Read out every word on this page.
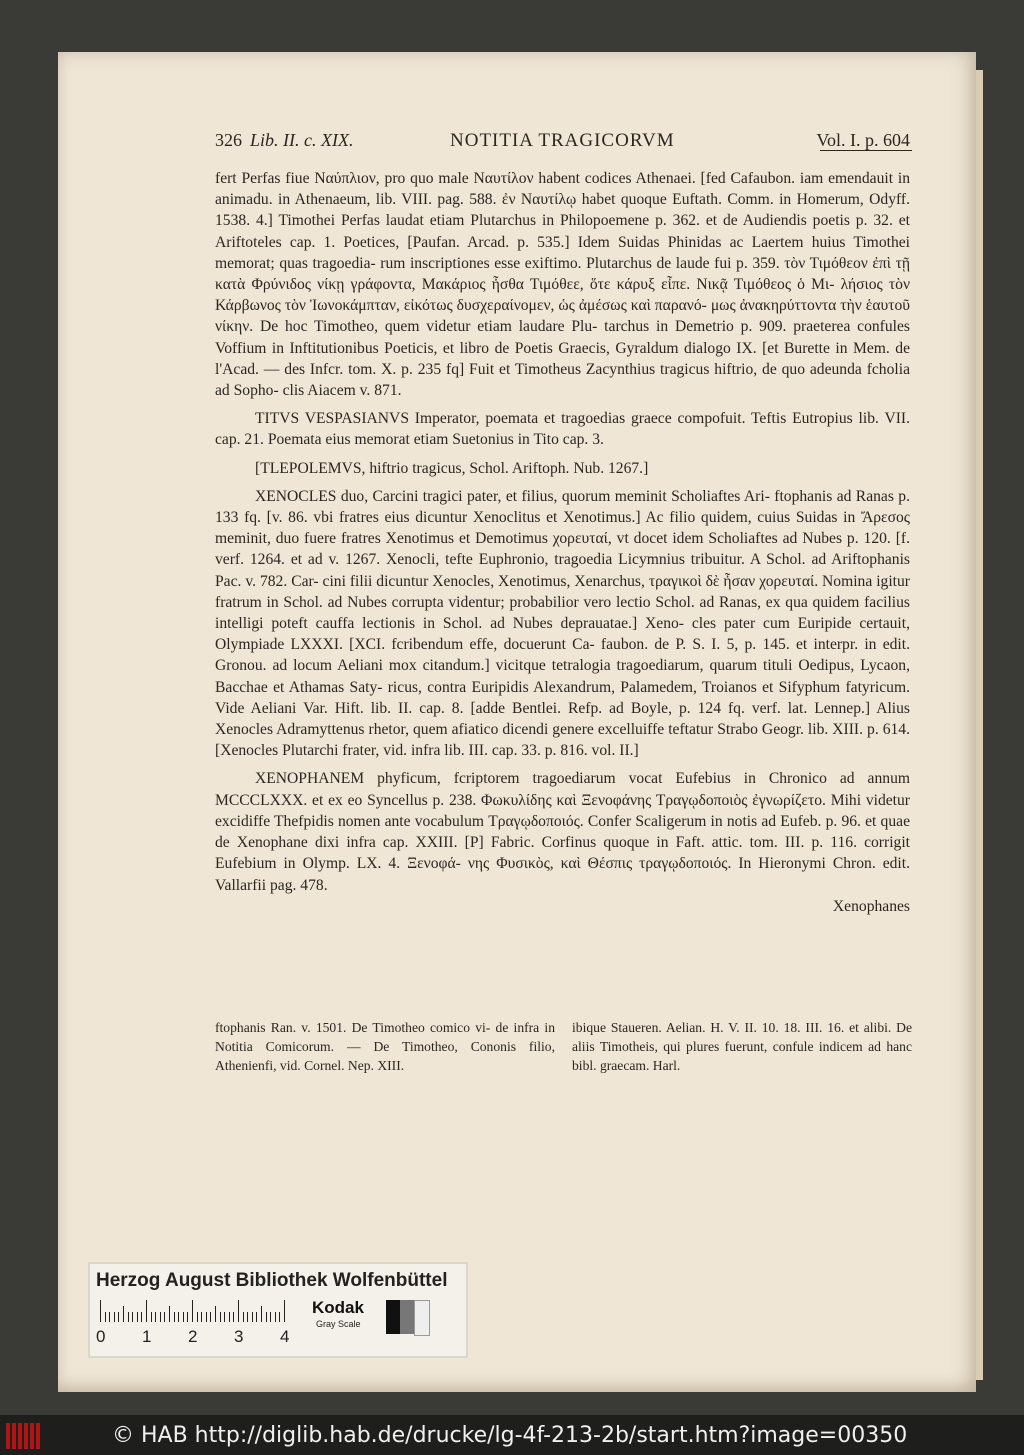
326 Lib. II. c. XIX.	NOTITIA TRAGICORVM	Vol. I. p. 604

fert Perfas fiue Ναύπλιον, pro quo male Ναυτίλον habent codices Athenaei. [fed Cafaubon. iam emendauit in animadu. in Athenaeum, lib. VIII. pag. 588. ἐν Ναυτίλῳ habet quoque Euftath. Comm. in Homerum, Odyff. 1538. 4.] Timothei Perfas laudat etiam Plutarchus in Philopoemene p. 362. et de Audiendis poetis p. 32. et Ariftoteles cap. 1. Poetices, [Paufan. Arcad. p. 535.] Idem Suidas Phinidas ac Laertem huius Timothei memorat; quas tragoedia- rum inscriptiones esse exiftimo. Plutarchus de laude fui p. 359. τὸν Τιμόθεον ἐπὶ τῇ κατὰ Φρύνιδος νίκῃ γράφοντα, Μακάριος ἦσθα Τιμόθεε, ὅτε κάρυξ εἶπε. Νικᾷ Τιμόθεος ὁ Μι- λήσιος τὸν Κάρβωνος τὸν Ἰωνοκάμπταν, εἰκότως δυσχεραίνομεν, ὡς ἀμέσως καὶ παρανό- μως ἀνακηρύττοντα τὴν ἑαυτοῦ νίκην. De hoc Timotheo, quem videtur etiam laudare Plu- tarchus in Demetrio p. 909. praeterea confules Voffium in Inftitutionibus Poeticis, et libro de Poetis Graecis, Gyraldum dialogo IX. [et Burette in Mem. de l'Acad. — des Infcr. tom. X. p. 235 fq] Fuit et Timotheus Zacynthius tragicus hiftrio, de quo adeunda fcholia ad Sopho- clis Aiacem v. 871.

TITVS VESPASIANVS Imperator, poemata et tragoedias graece compofuit. Teftis Eutropius lib. VII. cap. 21. Poemata eius memorat etiam Suetonius in Tito cap. 3.

[TLEPOLEMVS, hiftrio tragicus, Schol. Ariftoph. Nub. 1267.]

XENOCLES duo, Carcini tragici pater, et filius, quorum meminit Scholiaftes Ari- ftophanis ad Ranas p. 133 fq. [v. 86. vbi fratres eius dicuntur Xenoclitus et Xenotimus.] Ac filio quidem, cuius Suidas in Ἄρεσος meminit, duo fuere fratres Xenotimus et Demotimus χορευταί, vt docet idem Scholiaftes ad Nubes p. 120. [f. verf. 1264. et ad v. 1267. Xenocli, tefte Euphronio, tragoedia Licymnius tribuitur. A Schol. ad Ariftophanis Pac. v. 782. Car- cini filii dicuntur Xenocles, Xenotimus, Xenarchus, τραγικοὶ δὲ ἦσαν χορευταί. Nomina igitur fratrum in Schol. ad Nubes corrupta videntur; probabilior vero lectio Schol. ad Ranas, ex qua quidem facilius intelligi poteft cauffa lectionis in Schol. ad Nubes deprauatae.] Xeno- cles pater cum Euripide certauit, Olympiade LXXXI. [XCI. fcribendum effe, docuerunt Ca- faubon. de P. S. I. 5, p. 145. et interpr. in edit. Gronou. ad locum Aeliani mox citandum.] vicitque tetralogia tragoediarum, quarum tituli Oedipus, Lycaon, Bacchae et Athamas Saty- ricus, contra Euripidis Alexandrum, Palamedem, Troianos et Sifyphum fatyricum. Vide Aeliani Var. Hift. lib. II. cap. 8. [adde Bentlei. Refp. ad Boyle, p. 124 fq. verf. lat. Lennep.] Alius Xenocles Adramyttenus rhetor, quem afiatico dicendi genere excelluiffe teftatur Strabo Geogr. lib. XIII. p. 614. [Xenocles Plutarchi frater, vid. infra lib. III. cap. 33. p. 816. vol. II.]

XENOPHANEM phyficum, fcriptorem tragoediarum vocat Eufebius in Chronico ad annum MCCCLXXX. et ex eo Syncellus p. 238. Φωκυλίδης καὶ Ξενοφάνης Τραγῳδοποιὸς ἐγνωρίζετο. Mihi videtur excidiffe Thefpidis nomen ante vocabulum Τραγῳδοποιός. Confer Scaligerum in notis ad Eufeb. p. 96. et quae de Xenophane dixi infra cap. XXIII. [P] Fabric. Corfinus quoque in Faft. attic. tom. III. p. 116. corrigit Eufebium in Olymp. LX. 4. Ξενοφά- νης Φυσικὸς, καὶ Θέσπις τραγῳδοποιός. In Hieronymi Chron. edit. Vallarfii pag. 478.

Xenophanes

ftophanis Ran. v. 1501. De Timotheo comico vi- de infra in Notitia Comicorum. — De Timotheo, Cononis filio, Athenienfi, vid. Cornel. Nep. XIII.

ibique Staueren. Aelian. H. V. II. 10. 18. III. 16. et alibi. De aliis Timotheis, qui plures fuerunt, confule indicem ad hanc bibl. graecam. Harl.

Herzog August Bibliothek Wolfenbüttel
0 1 2 3 4
Kodak
Gray Scale
© HAB http://diglib.hab.de/drucke/lg-4f-213-2b/start.htm?image=00350
